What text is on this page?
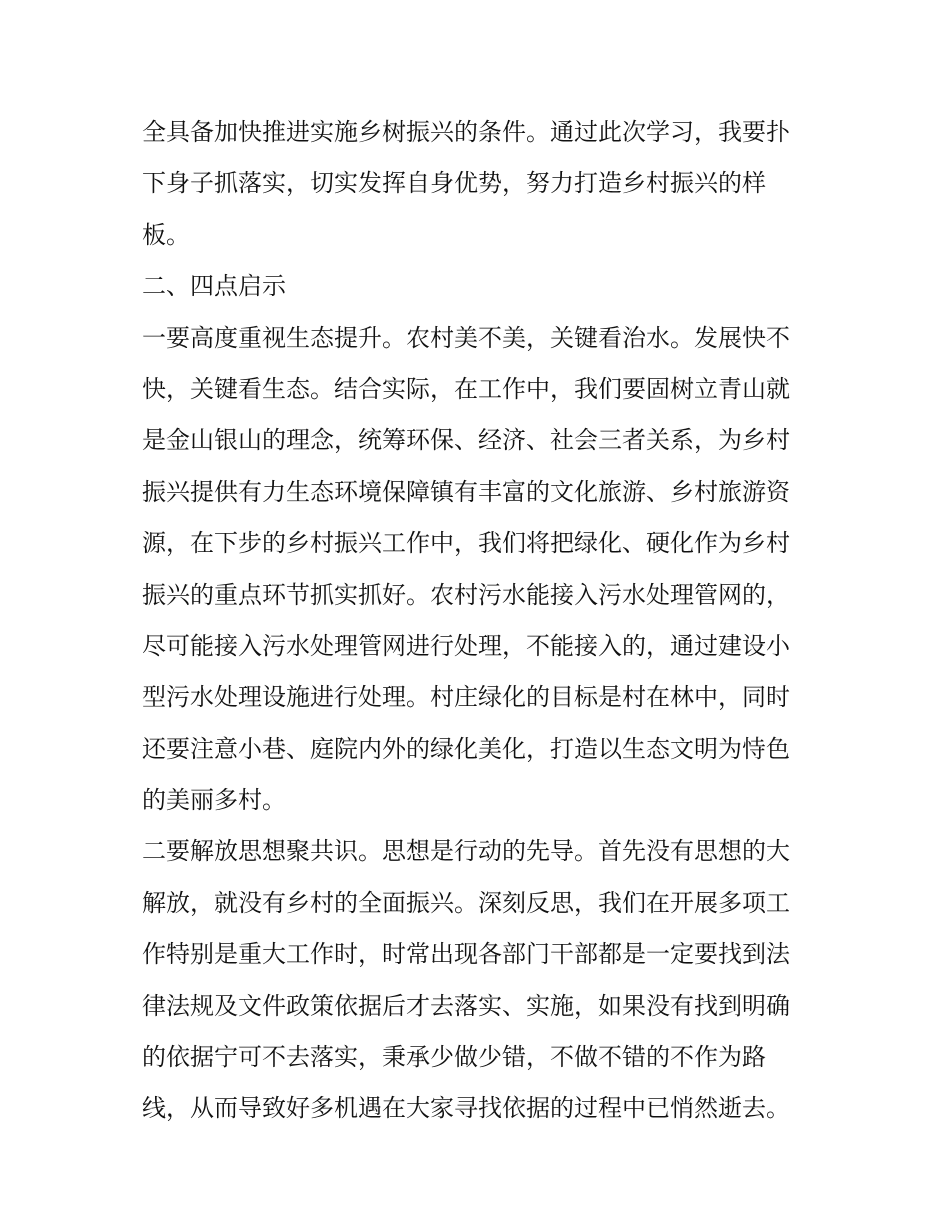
全具备加快推进实施乡树振兴的条件。通过此次学习，我要扑
下身子抓落实，切实发挥自身优势，努力打造乡村振兴的样
板。
二、四点启示
一要高度重视生态提升。农村美不美，关键看治水。发展快不
快，关键看生态。结合实际，在工作中，我们要固树立青山就
是金山银山的理念，统筹环保、经济、社会三者关系，为乡村
振兴提供有力生态环境保障镇有丰富的文化旅游、乡村旅游资
源，在下步的乡村振兴工作中，我们将把绿化、硬化作为乡村
振兴的重点环节抓实抓好。农村污水能接入污水处理管网的，
尽可能接入污水处理管网进行处理，不能接入的，通过建设小
型污水处理设施进行处理。村庄绿化的目标是村在林中，同时
还要注意小巷、庭院内外的绿化美化，打造以生态文明为恃色
的美丽多村。
二要解放思想聚共识。思想是行动的先导。首先没有思想的大
解放，就没有乡村的全面振兴。深刻反思，我们在开展多项工
作特别是重大工作时，时常出现各部门干部都是一定要找到法
律法规及文件政策依据后才去落实、实施，如果没有找到明确
的依据宁可不去落实，秉承少做少错，不做不错的不作为路
线，从而导致好多机遇在大家寻找依据的过程中已悄然逝去。
